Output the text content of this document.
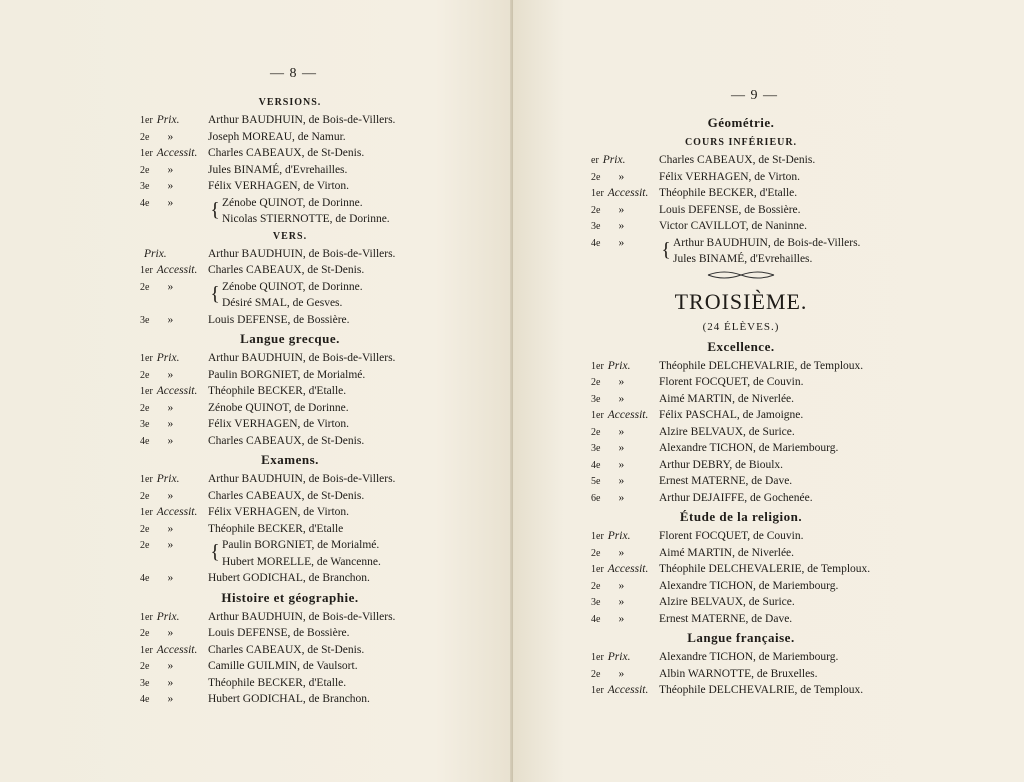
— 8 —
VERSIONS.
1er Prix.	Arthur BAUDHUIN, de Bois-de-Villers.
2e »	Joseph MOREAU, de Namur.
1er Accessit. Charles CABEAUX, de St-Denis.
2e »	Jules BINAMÉ, d'Evrehailles.
3e »	Félix VERHAGEN, de Virton.
4e »	{ Zénobe QUINOT, de Dorinne.
Nicolas STIERNOTTE, de Dorinne.
VERS.
Prix.	Arthur BAUDHUIN, de Bois-de-Villers.
1er Accessit. Charles CABEAUX, de St-Denis.
2e »	{ Zénobe QUINOT, de Dorinne.
Désiré SMAL, de Gesves.
3e »	Louis DEFENSE, de Bossière.
Langue grecque.
1er Prix.	Arthur BAUDHUIN, de Bois-de-Villers.
2e »	Paulin BORGNIET, de Morialmé.
1er Accessit. Théophile BECKER, d'Etalle.
2e »	Zénobe QUINOT, de Dorinne.
3e »	Félix VERHAGEN, de Virton.
4e »	Charles CABEAUX, de St-Denis.
Examens.
1er Prix.	Arthur BAUDHUIN, de Bois-de-Villers.
2e »	Charles CABEAUX, de St-Denis.
1er Accessit. Félix VERHAGEN, de Virton.
2e »	Théophile BECKER, d'Etalle
2e »	{ Paulin BORGNIET, de Morialmé.
Hubert MORELLE, de Wancenne.
4e »	Hubert GODICHAL, de Branchon.
Histoire et géographie.
1er Prix.	Arthur BAUDHUIN, de Bois-de-Villers.
2e »	Louis DEFENSE, de Bossière.
1er Accessit. Charles CABEAUX, de St-Denis.
2e »	Camille GUILMIN, de Vaulsort.
3e »	Théophile BECKER, d'Etalle.
4e »	Hubert GODICHAL, de Branchon.
— 9 —
Géométrie.
COURS INFÉRIEUR.
er Prix.	Charles CABEAUX, de St-Denis.
2e »	Félix VERHAGEN, de Virton.
1er Accessit. Théophile BECKER, d'Etalle.
2e »	Louis DEFENSE, de Bossière.
3e »	Victor CAVILLOT, de Naninne.
4e »	{ Arthur BAUDHUIN, de Bois-de-Villers.
Jules BINAMÉ, d'Evrehailles.
TROISIÈME.
(24 ÉLÈVES.)
Excellence.
1er Prix.	Théophile DELCHEVALRIE, de Temploux.
2e »	Florent FOCQUET, de Couvin.
3e »	Aimé MARTIN, de Niverlée.
1er Accessit. Félix PASCHAL, de Jamoigne.
2e »	Alzire BELVAUX, de Surice.
3e »	Alexandre TICHON, de Mariembourg.
4e »	Arthur DEBRY, de Bioulx.
5e »	Ernest MATERNE, de Dave.
6e »	Arthur DEJAIFFE, de Gochenée.
Étude de la religion.
1er Prix.	Florent FOCQUET, de Couvin.
2e »	Aimé MARTIN, de Niverlée.
1er Accessit. Théophile DELCHEVALERIE, de Temploux.
2e »	Alexandre TICHON, de Mariembourg.
3e »	Alzire BELVAUX, de Surice.
4e »	Ernest MATERNE, de Dave.
Langue française.
1er Prix.	Alexandre TICHON, de Mariembourg.
2e »	Albin WARNOTTE, de Bruxelles.
1er Accessit. Théophile DELCHEVALRIE, de Temploux.
